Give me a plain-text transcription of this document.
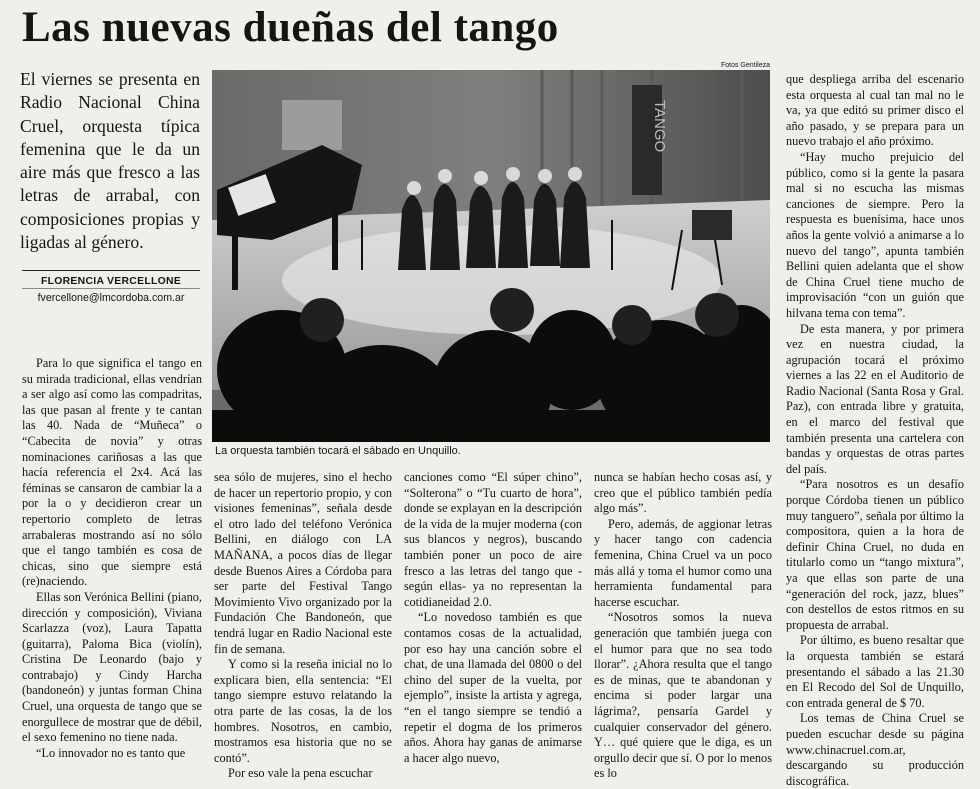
Las nuevas dueñas del tango

El viernes se presenta en Radio Nacional China Cruel, orquesta típica femenina que le da un aire más que fresco a las letras de arrabal, con composiciones propias y ligadas al género.

FLORENCIA VERCELLONE
fvercellone@lmcordoba.com.ar
Fotos Gentileza
TANGO
La orquesta también tocará el sábado en Unquillo.

Para lo que significa el tango en su mirada tradicional, ellas vendrían a ser algo así como las compadritas, las que pasan al frente y te cantan las 40. Nada de “Muñeca” o “Cabecita de novia” y otras nominaciones cariñosas a las que hacía referencia el 2x4. Acá las féminas se cansaron de cambiar la a por la o y decidieron crear un repertorio completo de letras arrabaleras mostrando así no sólo que el tango también es cosa de chicas, sino que siempre está (re)naciendo.

Ellas son Verónica Bellini (piano, dirección y composición), Viviana Scarlazza (voz), Laura Tapatta (guitarra), Paloma Bica (violín), Cristina De Leonardo (bajo y contrabajo) y Cindy Harcha (bandoneón) y juntas forman China Cruel, una orquesta de tango que se enorgullece de mostrar que de débil, el sexo femenino no tiene nada.

“Lo innovador no es tanto que

sea sólo de mujeres, sino el hecho de hacer un repertorio propio, y con visiones femeninas”, señala desde el otro lado del teléfono Verónica Bellini, en diálogo con LA MAÑANA, a pocos días de llegar desde Buenos Aires a Córdoba para ser parte del Festival Tango Movimiento Vivo organizado por la Fundación Che Bandoneón, que tendrá lugar en Radio Nacional este fin de semana.

Y como si la reseña inicial no lo explicara bien, ella sentencia: “El tango siempre estuvo relatando la otra parte de las cosas, la de los hombres. Nosotros, en cambio, mostramos esa historia que no se contó”.

Por eso vale la pena escuchar

canciones como “El súper chino”, “Solterona” o “Tu cuarto de hora”, donde se explayan en la descripción de la vida de la mujer moderna (con sus blancos y negros), buscando también poner un poco de aire fresco a las letras del tango que -según ellas- ya no representan la cotidianeidad 2.0.

“Lo novedoso también es que contamos cosas de la actualidad, por eso hay una canción sobre el chat, de una llamada del 0800 o del chino del super de la vuelta, por ejemplo”, insiste la artista y agrega, “en el tango siempre se tendió a repetir el dogma de los primeros años. Ahora hay ganas de animarse a hacer algo nuevo,

nunca se habían hecho cosas así, y creo que el público también pedía algo más”.

Pero, además, de aggionar letras y hacer tango con cadencia femenina, China Cruel va un poco más allá y toma el humor como una herramienta fundamental para hacerse escuchar.

“Nosotros somos la nueva generación que también juega con el humor para que no sea todo llorar”. ¿Ahora resulta que el tango es de minas, que te abandonan y encima si poder largar una lágrima?, pensaría Gardel y cualquier conservador del género. Y… qué quiere que le diga, es un orgullo decir que sí. O por lo menos es lo

que despliega arriba del escenario esta orquesta al cual tan mal no le va, ya que editó su primer disco el año pasado, y se prepara para un nuevo trabajo el año próximo.

“Hay mucho prejuicio del público, como si la gente la pasara mal si no escucha las mismas canciones de siempre. Pero la respuesta es buenísima, hace unos años la gente volvió a animarse a lo nuevo del tango”, apunta también Bellini quien adelanta que el show de China Cruel tiene mucho de improvisación “con un guión que hilvana tema con tema”.

De esta manera, y por primera vez en nuestra ciudad, la agrupación tocará el próximo viernes a las 22 en el Auditorio de Radio Nacional (Santa Rosa y Gral. Paz), con entrada libre y gratuita, en el marco del festival que también presenta una cartelera con bandas y orquestas de otras partes del país.

“Para nosotros es un desafío porque Córdoba tienen un público muy tanguero”, señala por último la compositora, quien a la hora de definir China Cruel, no duda en titularlo como un “tango mixtura”, ya que ellas son parte de una “generación del rock, jazz, blues” con destellos de estos ritmos en su propuesta de arrabal.

Por último, es bueno resaltar que la orquesta también se estará presentando el sábado a las 21.30 en El Recodo del Sol de Unquillo, con entrada general de $ 70.

Los temas de China Cruel se pueden escuchar desde su página www.chinacruel.com.ar, descargando su producción discográfica.
